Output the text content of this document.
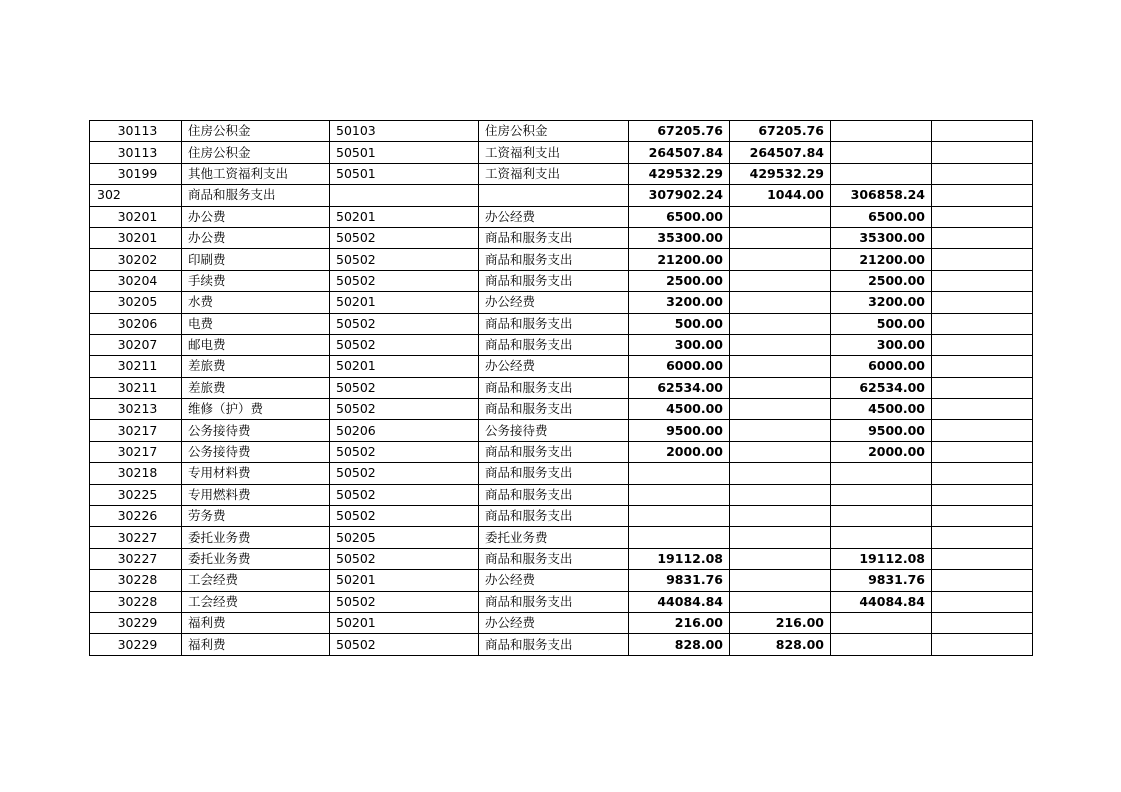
30113	住房公积金	50103	住房公积金	67205.76	67205.76		
30113	住房公积金	50501	工资福利支出	264507.84	264507.84		
30199	其他工资福利支出	50501	工资福利支出	429532.29	429532.29		
302	商品和服务支出			307902.24	1044.00	306858.24	
30201	办公费	50201	办公经费	6500.00		6500.00	
30201	办公费	50502	商品和服务支出	35300.00		35300.00	
30202	印刷费	50502	商品和服务支出	21200.00		21200.00	
30204	手续费	50502	商品和服务支出	2500.00		2500.00	
30205	水费	50201	办公经费	3200.00		3200.00	
30206	电费	50502	商品和服务支出	500.00		500.00	
30207	邮电费	50502	商品和服务支出	300.00		300.00	
30211	差旅费	50201	办公经费	6000.00		6000.00	
30211	差旅费	50502	商品和服务支出	62534.00		62534.00	
30213	维修（护）费	50502	商品和服务支出	4500.00		4500.00	
30217	公务接待费	50206	公务接待费	9500.00		9500.00	
30217	公务接待费	50502	商品和服务支出	2000.00		2000.00	
30218	专用材料费	50502	商品和服务支出				
30225	专用燃料费	50502	商品和服务支出				
30226	劳务费	50502	商品和服务支出				
30227	委托业务费	50205	委托业务费				
30227	委托业务费	50502	商品和服务支出	19112.08		19112.08	
30228	工会经费	50201	办公经费	9831.76		9831.76	
30228	工会经费	50502	商品和服务支出	44084.84		44084.84	
30229	福利费	50201	办公经费	216.00	216.00		
30229	福利费	50502	商品和服务支出	828.00	828.00		
